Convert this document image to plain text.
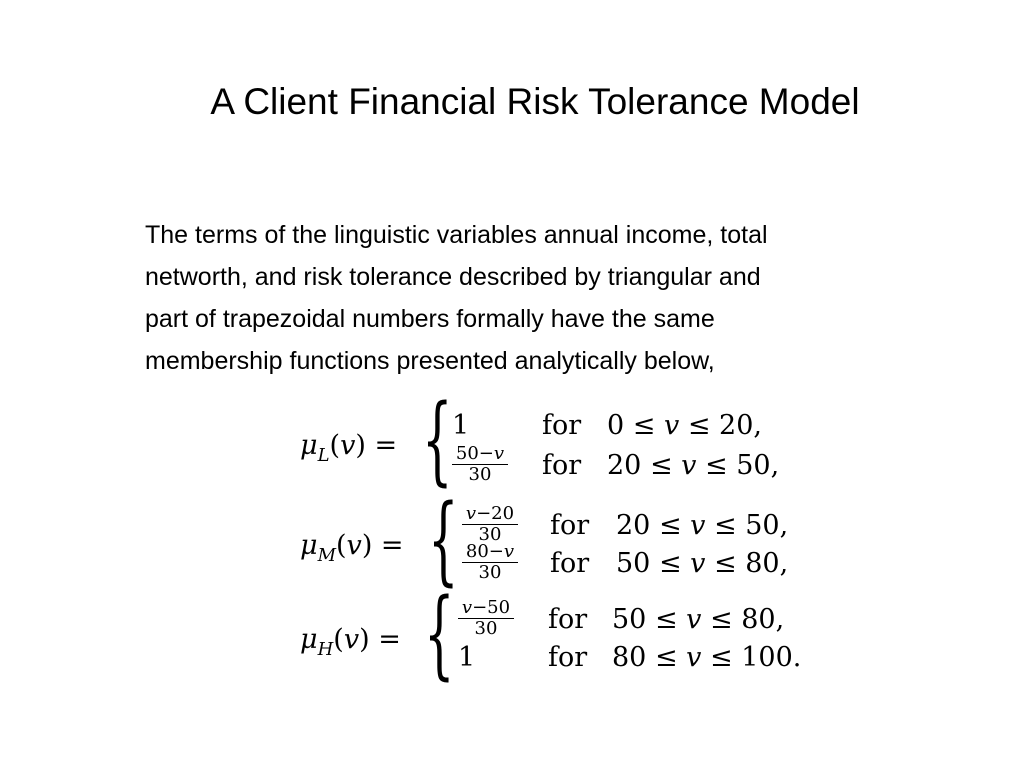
A Client Financial Risk Tolerance Model
The terms of the linguistic variables annual income, total
networth, and risk tolerance described by triangular and
part of trapezoidal numbers formally have the same
membership functions presented analytically below,
$\mu_L(v)$ = { 1	for 0 ≤ v ≤ 20,
$\frac{50-v}{30}$ for 20 ≤ v ≤ 50,
$\mu_M(v)$ = { $\frac{v-20}{30}$ for 20 ≤ v ≤ 50,
$\frac{80-v}{30}$ for 50 ≤ v ≤ 80,
$\mu_H(v)$ = { $\frac{v-50}{30}$ for 50 ≤ v ≤ 80,
1	for 80 ≤ v ≤ 100.
